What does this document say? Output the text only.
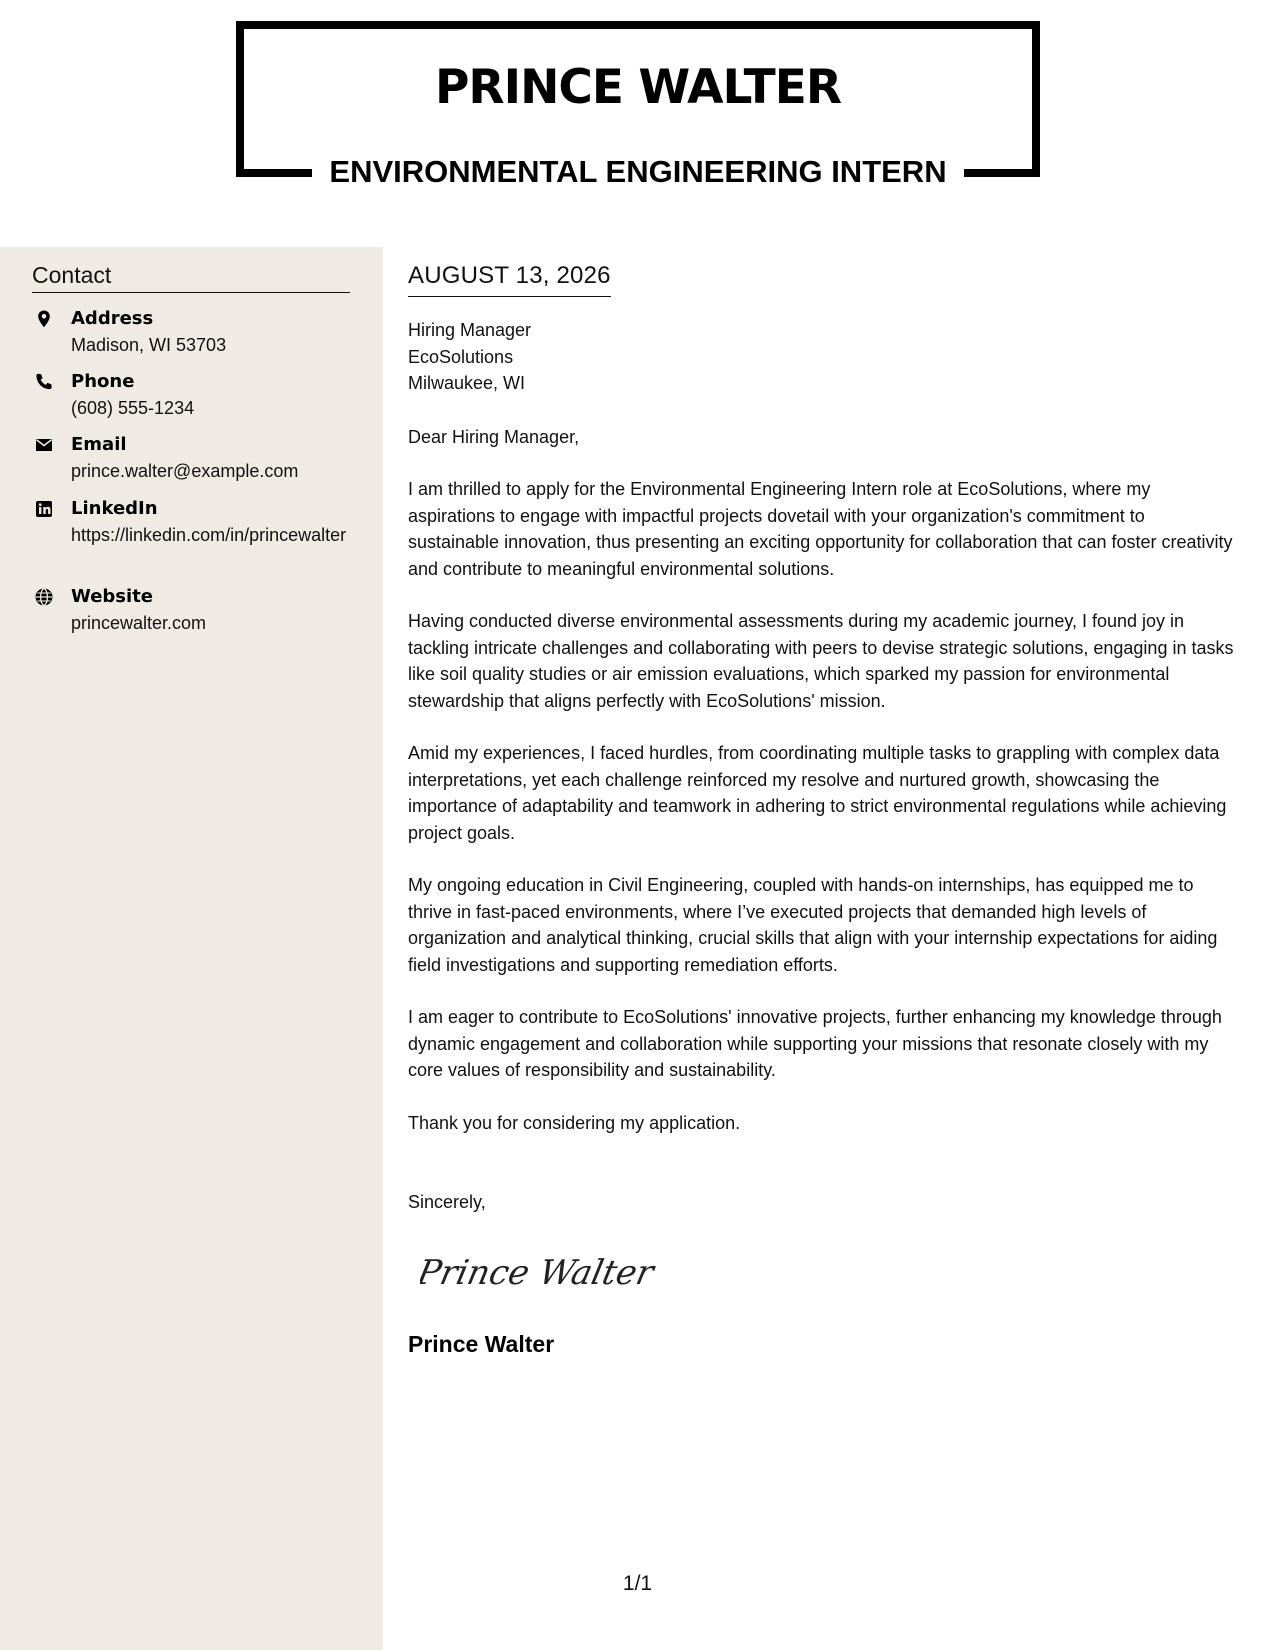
PRINCE WALTER
ENVIRONMENTAL ENGINEERING INTERN
Contact
Address
Madison, WI 53703
Phone
(608) 555-1234
Email
prince.walter@example.com
LinkedIn
https://linkedin.com/in/princewalter
Website
princewalter.com
AUGUST 13, 2026
Hiring Manager
EcoSolutions
Milwaukee, WI
Dear Hiring Manager,
I am thrilled to apply for the Environmental Engineering Intern role at EcoSolutions, where my aspirations to engage with impactful projects dovetail with your organization's commitment to sustainable innovation, thus presenting an exciting opportunity for collaboration that can foster creativity and contribute to meaningful environmental solutions.
Having conducted diverse environmental assessments during my academic journey, I found joy in tackling intricate challenges and collaborating with peers to devise strategic solutions, engaging in tasks like soil quality studies or air emission evaluations, which sparked my passion for environmental stewardship that aligns perfectly with EcoSolutions' mission.
Amid my experiences, I faced hurdles, from coordinating multiple tasks to grappling with complex data interpretations, yet each challenge reinforced my resolve and nurtured growth, showcasing the importance of adaptability and teamwork in adhering to strict environmental regulations while achieving project goals.
My ongoing education in Civil Engineering, coupled with hands-on internships, has equipped me to thrive in fast-paced environments, where I’ve executed projects that demanded high levels of organization and analytical thinking, crucial skills that align with your internship expectations for aiding field investigations and supporting remediation efforts.
I am eager to contribute to EcoSolutions' innovative projects, further enhancing my knowledge through dynamic engagement and collaboration while supporting your missions that resonate closely with my core values of responsibility and sustainability.
Thank you for considering my application.
Sincerely,
Prince Walter
Prince Walter
1/1
